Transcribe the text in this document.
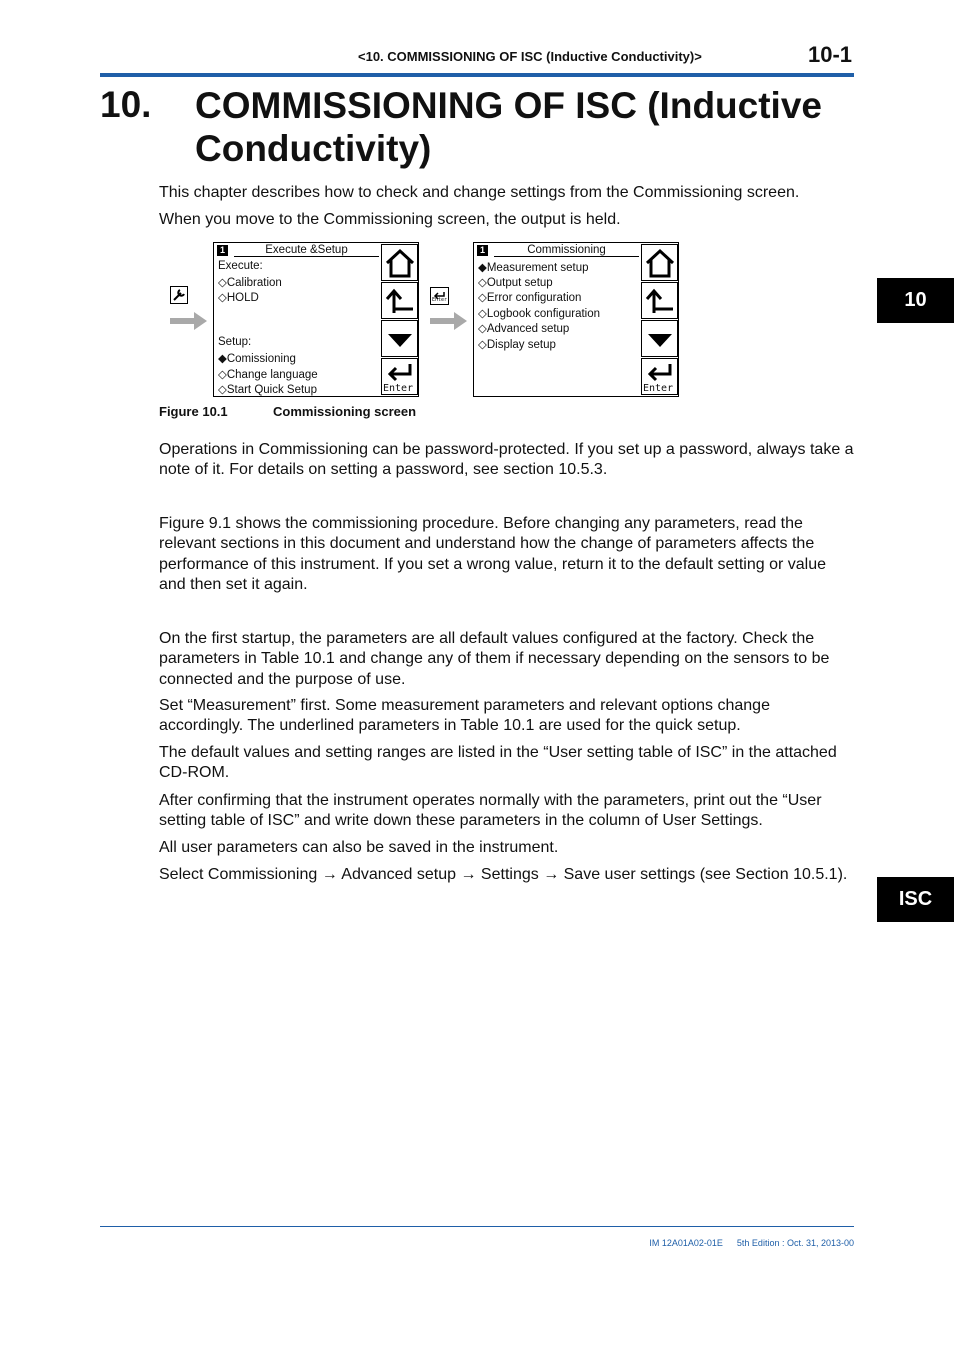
<10. COMMISSIONING OF ISC (Inductive Conductivity)>	10-1
10. COMMISSIONING OF ISC (Inductive Conductivity)
This chapter describes how to check and change settings from the Commissioning screen.
When you move to the Commissioning screen, the output is held.
1	Execute &Setup
Execute:
◇Calibration
◇HOLD
Setup:
◆Comissioning
◇Change language
◇Start Quick Setup	Enter
Enter
1	Commissioning
◆Measurement setup
◇Output setup
◇Error configuration
◇Logbook configuration
◇Advanced setup
◇Display setup
Enter
Figure 10.1	Commissioning screen
Operations in Commissioning can be password-protected. If you set up a password, always take a note of it. For details on setting a password, see section 10.5.3.
Figure 9.1 shows the commissioning procedure. Before changing any parameters, read the relevant sections in this document and understand how the change of parameters affects the performance of this instrument. If you set a wrong value, return it to the default setting or value and then set it again.
On the first startup, the parameters are all default values configured at the factory. Check the parameters in Table 10.1 and change any of them if necessary depending on the sensors to be connected and the purpose of use.
Set “Measurement” first. Some measurement parameters and relevant options change accordingly. The underlined parameters in Table 10.1 are used for the quick setup.
The default values and setting ranges are listed in the “User setting table of ISC” in the attached CD-ROM.
After confirming that the instrument operates normally with the parameters, print out the “User setting table of ISC” and write down these parameters in the column of User Settings.
All user parameters can also be saved in the instrument.
Select Commissioning → Advanced setup → Settings → Save user settings (see Section 10.5.1).
10
ISC
IM 12A01A02-01E 5th Edition : Oct. 31, 2013-00
